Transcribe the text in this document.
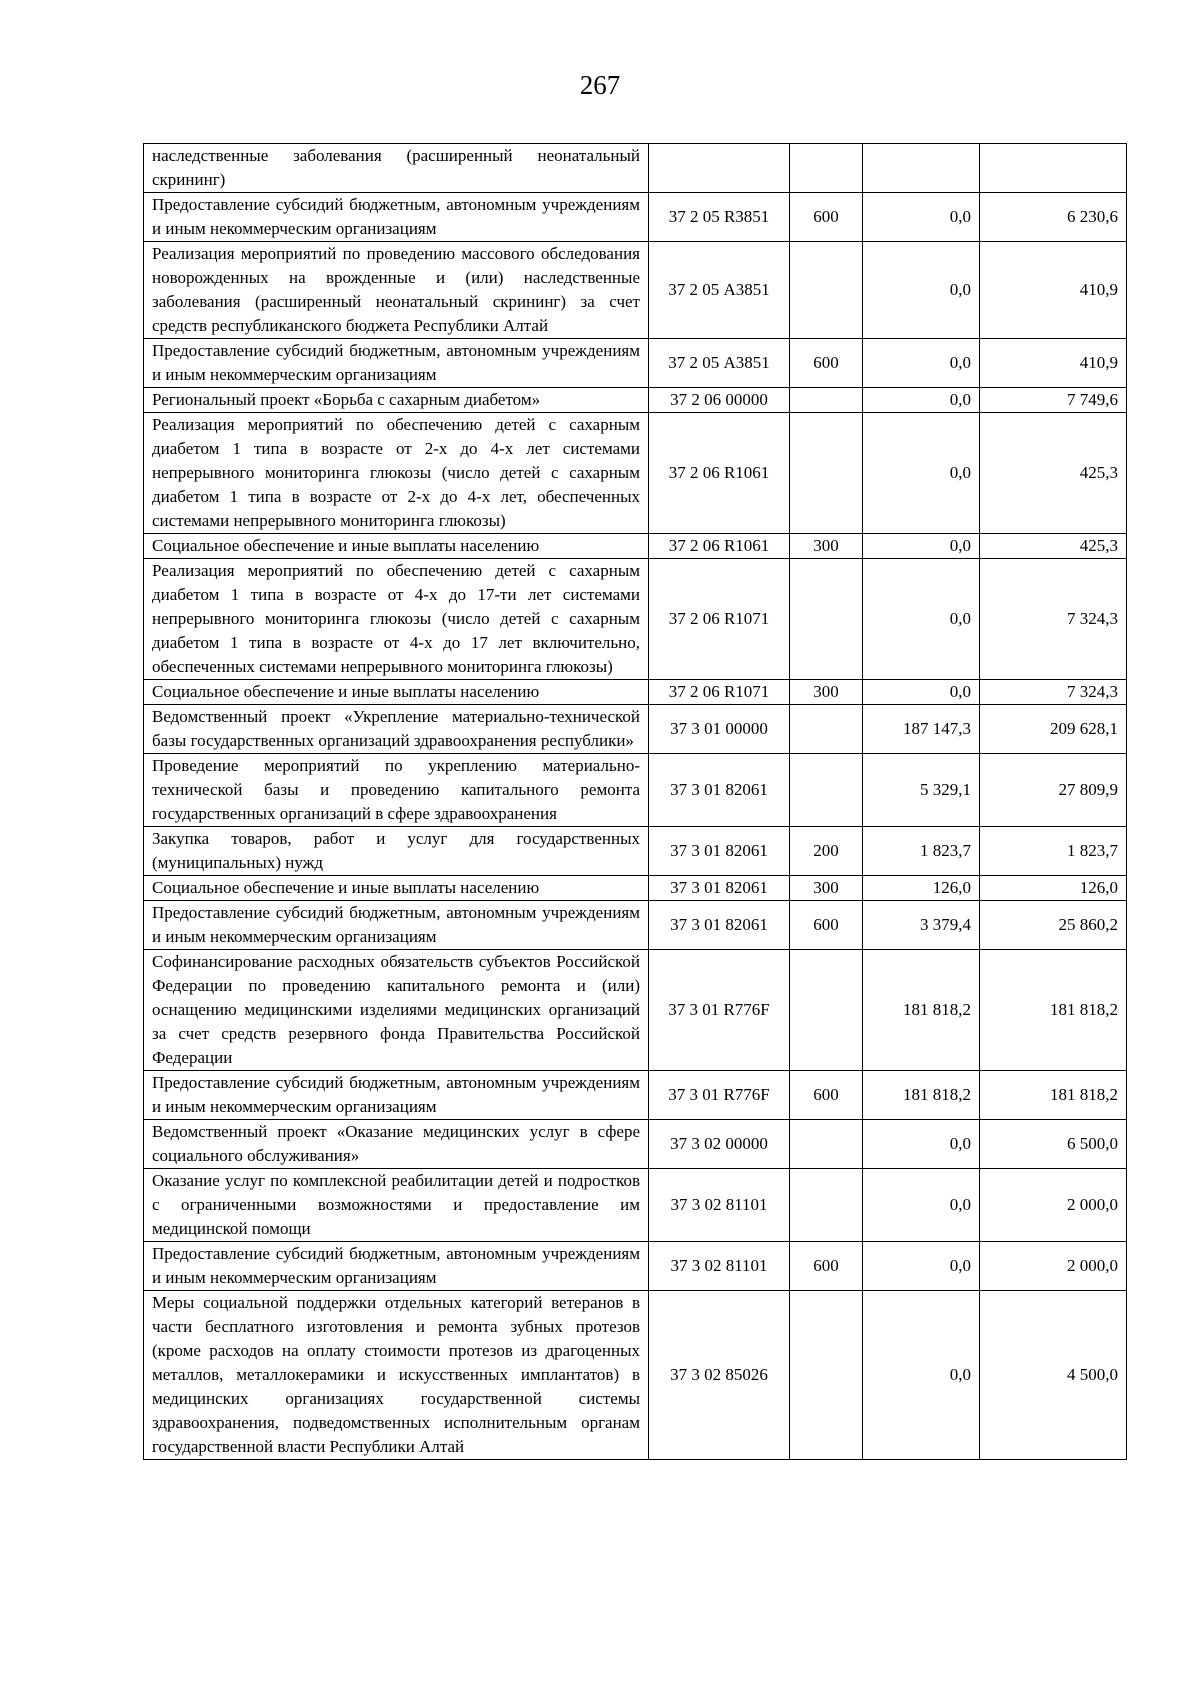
267
наследственные заболевания (расширенный неонатальный скрининг)				
Предоставление субсидий бюджетным, автономным учреждениям и иным некоммерческим организациям	37 2 05 R3851	600	0,0	6 230,6
Реализация мероприятий по проведению массового обследования новорожденных на врожденные и (или) наследственные заболевания (расширенный неонатальный скрининг) за счет средств республиканского бюджета Республики Алтай	37 2 05 А3851		0,0	410,9
Предоставление субсидий бюджетным, автономным учреждениям и иным некоммерческим организациям	37 2 05 А3851	600	0,0	410,9
Региональный проект «Борьба с сахарным диабетом»	37 2 06 00000		0,0	7 749,6
Реализация мероприятий по обеспечению детей с сахарным диабетом 1 типа в возрасте от 2-х до 4-х лет системами непрерывного мониторинга глюкозы (число детей с сахарным диабетом 1 типа в возрасте от 2-х до 4-х лет, обеспеченных системами непрерывного мониторинга глюкозы)	37 2 06 R1061		0,0	425,3
Социальное обеспечение и иные выплаты населению	37 2 06 R1061	300	0,0	425,3
Реализация мероприятий по обеспечению детей с сахарным диабетом 1 типа в возрасте от 4-х до 17-ти лет системами непрерывного мониторинга глюкозы (число детей с сахарным диабетом 1 типа в возрасте от 4-х до 17 лет включительно, обеспеченных системами непрерывного мониторинга глюкозы)	37 2 06 R1071		0,0	7 324,3
Социальное обеспечение и иные выплаты населению	37 2 06 R1071	300	0,0	7 324,3
Ведомственный проект «Укрепление материально-технической базы государственных организаций здравоохранения республики»	37 3 01 00000		187 147,3	209 628,1
Проведение мероприятий по укреплению материально-технической базы и проведению капитального ремонта государственных организаций в сфере здравоохранения	37 3 01 82061		5 329,1	27 809,9
Закупка товаров, работ и услуг для государственных (муниципальных) нужд	37 3 01 82061	200	1 823,7	1 823,7
Социальное обеспечение и иные выплаты населению	37 3 01 82061	300	126,0	126,0
Предоставление субсидий бюджетным, автономным учреждениям и иным некоммерческим организациям	37 3 01 82061	600	3 379,4	25 860,2
Софинансирование расходных обязательств субъектов Российской Федерации по проведению капитального ремонта и (или) оснащению медицинскими изделиями медицинских организаций за счет средств резервного фонда Правительства Российской Федерации	37 3 01 R776F		181 818,2	181 818,2
Предоставление субсидий бюджетным, автономным учреждениям и иным некоммерческим организациям	37 3 01 R776F	600	181 818,2	181 818,2
Ведомственный проект «Оказание медицинских услуг в сфере социального обслуживания»	37 3 02 00000		0,0	6 500,0
Оказание услуг по комплексной реабилитации детей и подростков с ограниченными возможностями и предоставление им медицинской помощи	37 3 02 81101		0,0	2 000,0
Предоставление субсидий бюджетным, автономным учреждениям и иным некоммерческим организациям	37 3 02 81101	600	0,0	2 000,0
Меры социальной поддержки отдельных категорий ветеранов в части бесплатного изготовления и ремонта зубных протезов (кроме расходов на оплату стоимости протезов из драгоценных металлов, металлокерамики и искусственных имплантатов) в медицинских организациях государственной системы здравоохранения, подведомственных исполнительным органам государственной власти Республики Алтай	37 3 02 85026		0,0	4 500,0
